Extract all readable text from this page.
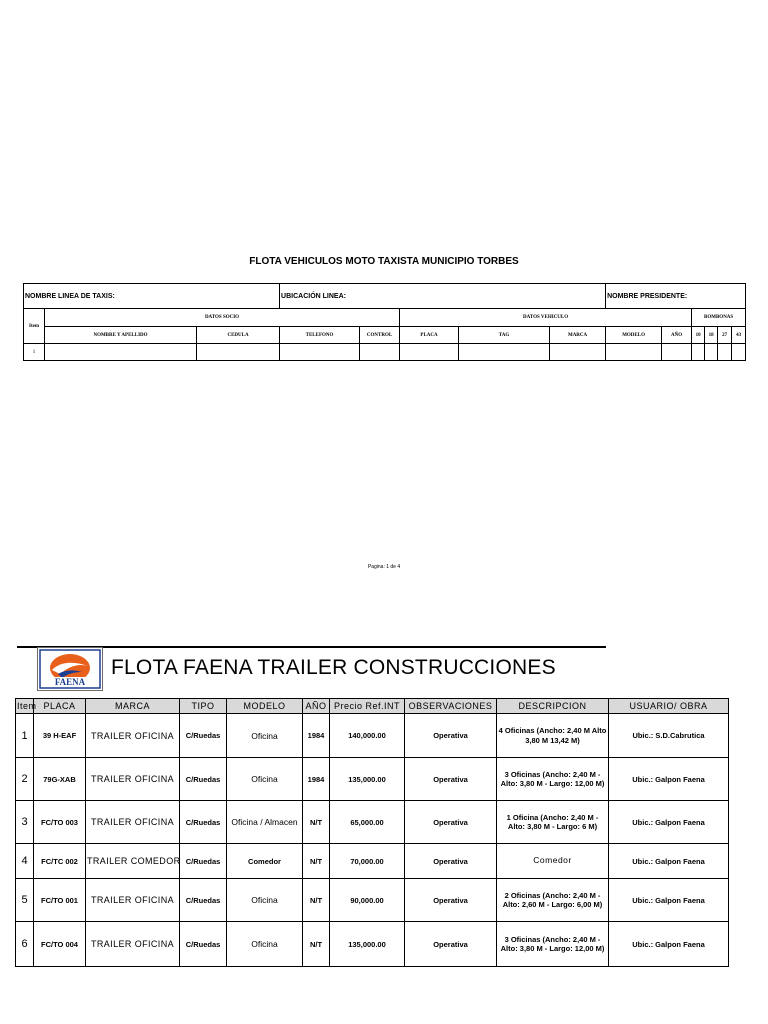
FLOTA VEHICULOS MOTO TAXISTA MUNICIPIO TORBES
NOMBRE LINEA DE TAXIS:			UBICACIÓN LINEA:					NOMBRE PRESIDENTE:					
Item	DATOS SOCIO				DATOS VEHICULO					BOMBONAS			
	NOMBRE Y APELLIDO	CEDULA	TELEFONO	CONTROL	PLACA	TAG	MARCA	MODELO	AÑO	10	18	27	43
1													
Pagina: 1 de 4
FAENA
FLOTA FAENA TRAILER CONSTRUCCIONES
Item	PLACA	MARCA	TIPO	MODELO	AÑO	Precio Ref.INT	OBSERVACIONES	DESCRIPCION	USUARIO/ OBRA
1	39 H-EAF	TRAILER OFICINA	C/Ruedas	Oficina	1984	140,000.00	Operativa	4 Oficinas (Ancho: 2,40 M Alto 3,80 M 13,42 M)	Ubic.: S.D.Cabrutica
2	79G-XAB	TRAILER OFICINA	C/Ruedas	Oficina	1984	135,000.00	Operativa	3 Oficinas (Ancho: 2,40 M - Alto: 3,80 M - Largo: 12,00 M)	Ubic.: Galpon Faena
3	FC/TO 003	TRAILER OFICINA	C/Ruedas	Oficina / Almacen	N/T	65,000.00	Operativa	1 Oficina (Ancho: 2,40 M - Alto: 3,80 M - Largo: 6 M)	Ubic.: Galpon Faena
4	FC/TC 002	TRAILER COMEDOR	C/Ruedas	Comedor	N/T	70,000.00	Operativa	Comedor	Ubic.: Galpon Faena
5	FC/TO 001	TRAILER OFICINA	C/Ruedas	Oficina	N/T	90,000.00	Operativa	2 Oficinas (Ancho: 2,40 M - Alto: 2,60 M - Largo: 6,00 M)	Ubic.: Galpon Faena
6	FC/TO 004	TRAILER OFICINA	C/Ruedas	Oficina	N/T	135,000.00	Operativa	3 Oficinas (Ancho: 2,40 M - Alto: 3,80 M - Largo: 12,00 M)	Ubic.: Galpon Faena
